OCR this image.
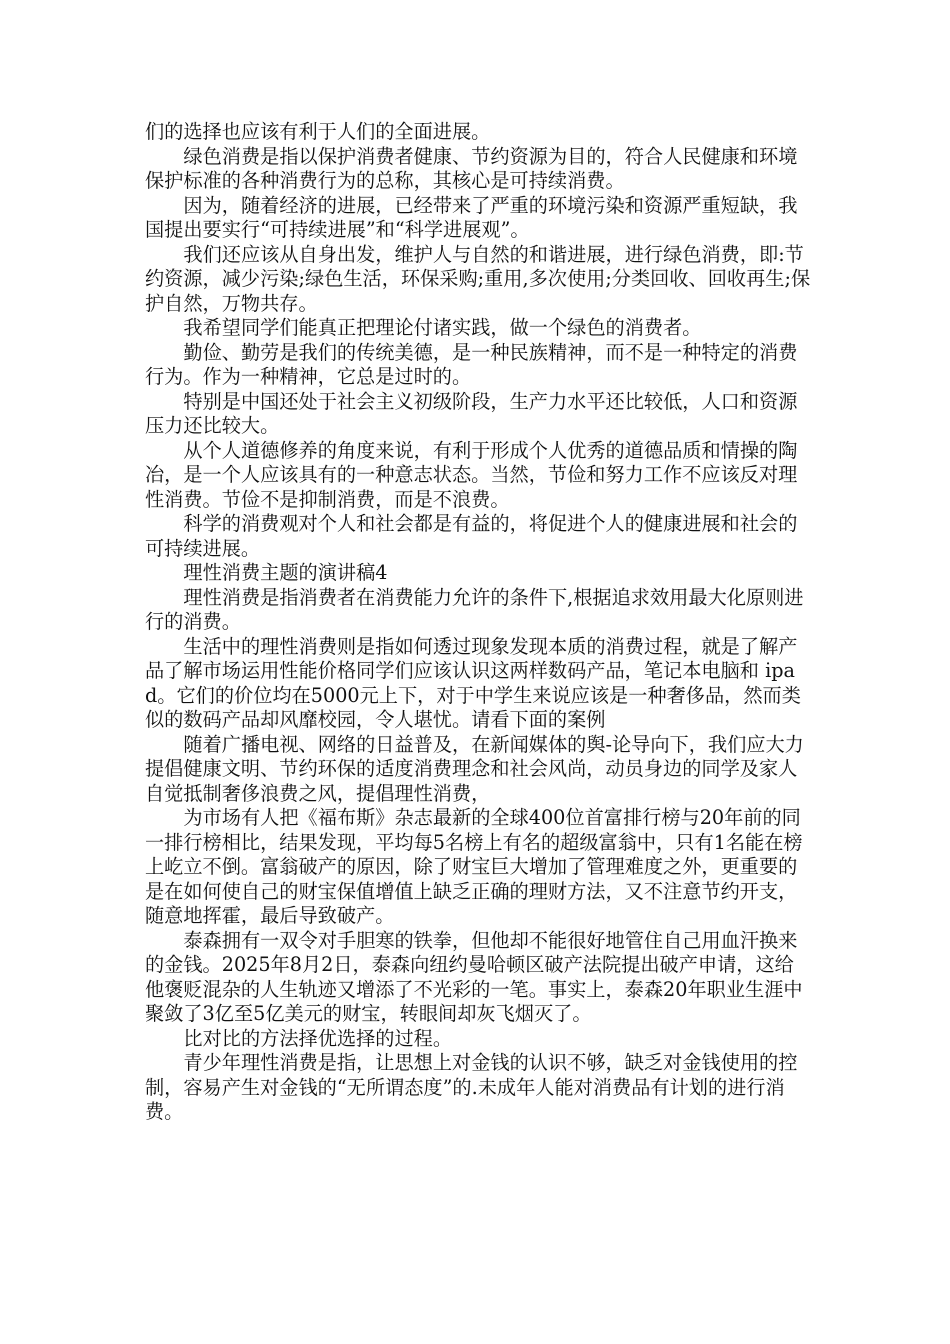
们的选择也应该有利于人们的全面进展。

绿色消费是指以保护消费者健康、节约资源为目的，符合人民健康和环境保护标准的各种消费行为的总称，其核心是可持续消费。

因为，随着经济的进展，已经带来了严重的环境污染和资源严重短缺，我国提出要实行“可持续进展”和“科学进展观”。

我们还应该从自身出发，维护人与自然的和谐进展，进行绿色消费，即:节约资源，减少污染;绿色生活，环保采购;重用,多次使用;分类回收、回收再生;保护自然，万物共存。

我希望同学们能真正把理论付诸实践，做一个绿色的消费者。

勤俭、勤劳是我们的传统美德，是一种民族精神，而不是一种特定的消费行为。作为一种精神，它总是过时的。

特别是中国还处于社会主义初级阶段，生产力水平还比较低，人口和资源压力还比较大。

从个人道德修养的角度来说，有利于形成个人优秀的道德品质和情操的陶冶，是一个人应该具有的一种意志状态。当然，节俭和努力工作不应该反对理性消费。节俭不是抑制消费，而是不浪费。

科学的消费观对个人和社会都是有益的，将促进个人的健康进展和社会的可持续进展。

理性消费主题的演讲稿4

理性消费是指消费者在消费能力允许的条件下,根据追求效用最大化原则进行的消费。

生活中的理性消费则是指如何透过现象发现本质的消费过程，就是了解产品了解市场运用性能价格同学们应该认识这两样数码产品，笔记本电脑和 ipad。它们的价位均在5000元上下，对于中学生来说应该是一种奢侈品，然而类似的数码产品却风靡校园，令人堪忧。请看下面的案例

随着广播电视、网络的日益普及，在新闻媒体的舆-论导向下，我们应大力提倡健康文明、节约环保的适度消费理念和社会风尚，动员身边的同学及家人自觉抵制奢侈浪费之风，提倡理性消费，

为市场有人把《福布斯》杂志最新的全球400位首富排行榜与20年前的同一排行榜相比，结果发现，平均每5名榜上有名的超级富翁中，只有1名能在榜上屹立不倒。富翁破产的原因，除了财宝巨大增加了管理难度之外，更重要的是在如何使自己的财宝保值增值上缺乏正确的理财方法，又不注意节约开支，随意地挥霍，最后导致破产。

泰森拥有一双令对手胆寒的铁拳，但他却不能很好地管住自己用血汗换来的金钱。2025年8月2日，泰森向纽约曼哈顿区破产法院提出破产申请，这给他褒贬混杂的人生轨迹又增添了不光彩的一笔。事实上，泰森20年职业生涯中聚敛了3亿至5亿美元的财宝，转眼间却灰飞烟灭了。

比对比的方法择优选择的过程。

青少年理性消费是指，让思想上对金钱的认识不够，缺乏对金钱使用的控制，容易产生对金钱的“无所谓态度”的.未成年人能对消费品有计划的进行消费。
